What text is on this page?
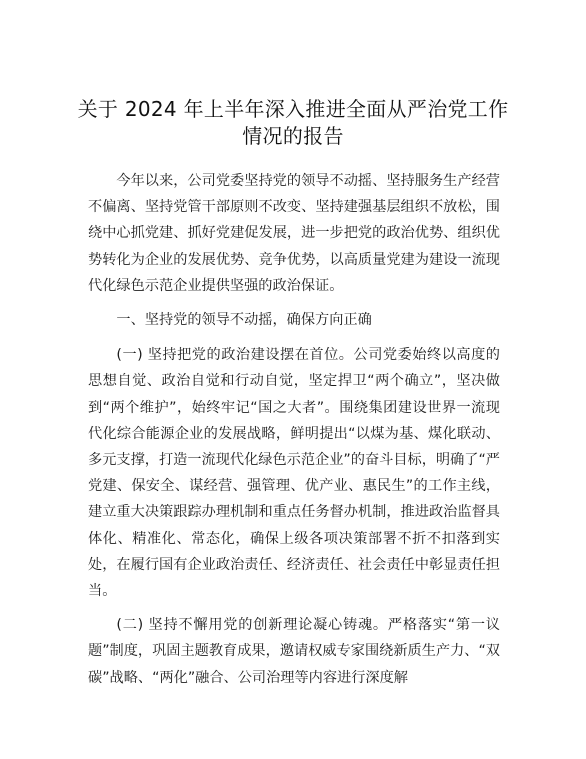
关于 2024 年上半年深入推进全面从严治党工作
情况的报告

今年以来，公司党委坚持党的领导不动摇、坚持服务生产经营不偏离、坚持党管干部原则不改变、坚持建强基层组织不放松，围绕中心抓党建、抓好党建促发展，进一步把党的政治优势、组织优势转化为企业的发展优势、竞争优势，以高质量党建为建设一流现代化绿色示范企业提供坚强的政治保证。

一、坚持党的领导不动摇，确保方向正确

(一) 坚持把党的政治建设摆在首位。公司党委始终以高度的思想自觉、政治自觉和行动自觉，坚定捍卫“两个确立”，坚决做到“两个维护”，始终牢记“国之大者”。围绕集团建设世界一流现代化综合能源企业的发展战略，鲜明提出“以煤为基、煤化联动、多元支撑，打造一流现代化绿色示范企业”的奋斗目标，明确了“严党建、保安全、谋经营、强管理、优产业、惠民生”的工作主线，建立重大决策跟踪办理机制和重点任务督办机制，推进政治监督具体化、精准化、常态化，确保上级各项决策部署不折不扣落到实处，在履行国有企业政治责任、经济责任、社会责任中彰显责任担当。

(二) 坚持不懈用党的创新理论凝心铸魂。严格落实“第一议题”制度，巩固主题教育成果，邀请权威专家围绕新质生产力、“双碳”战略、“两化”融合、公司治理等内容进行深度解
